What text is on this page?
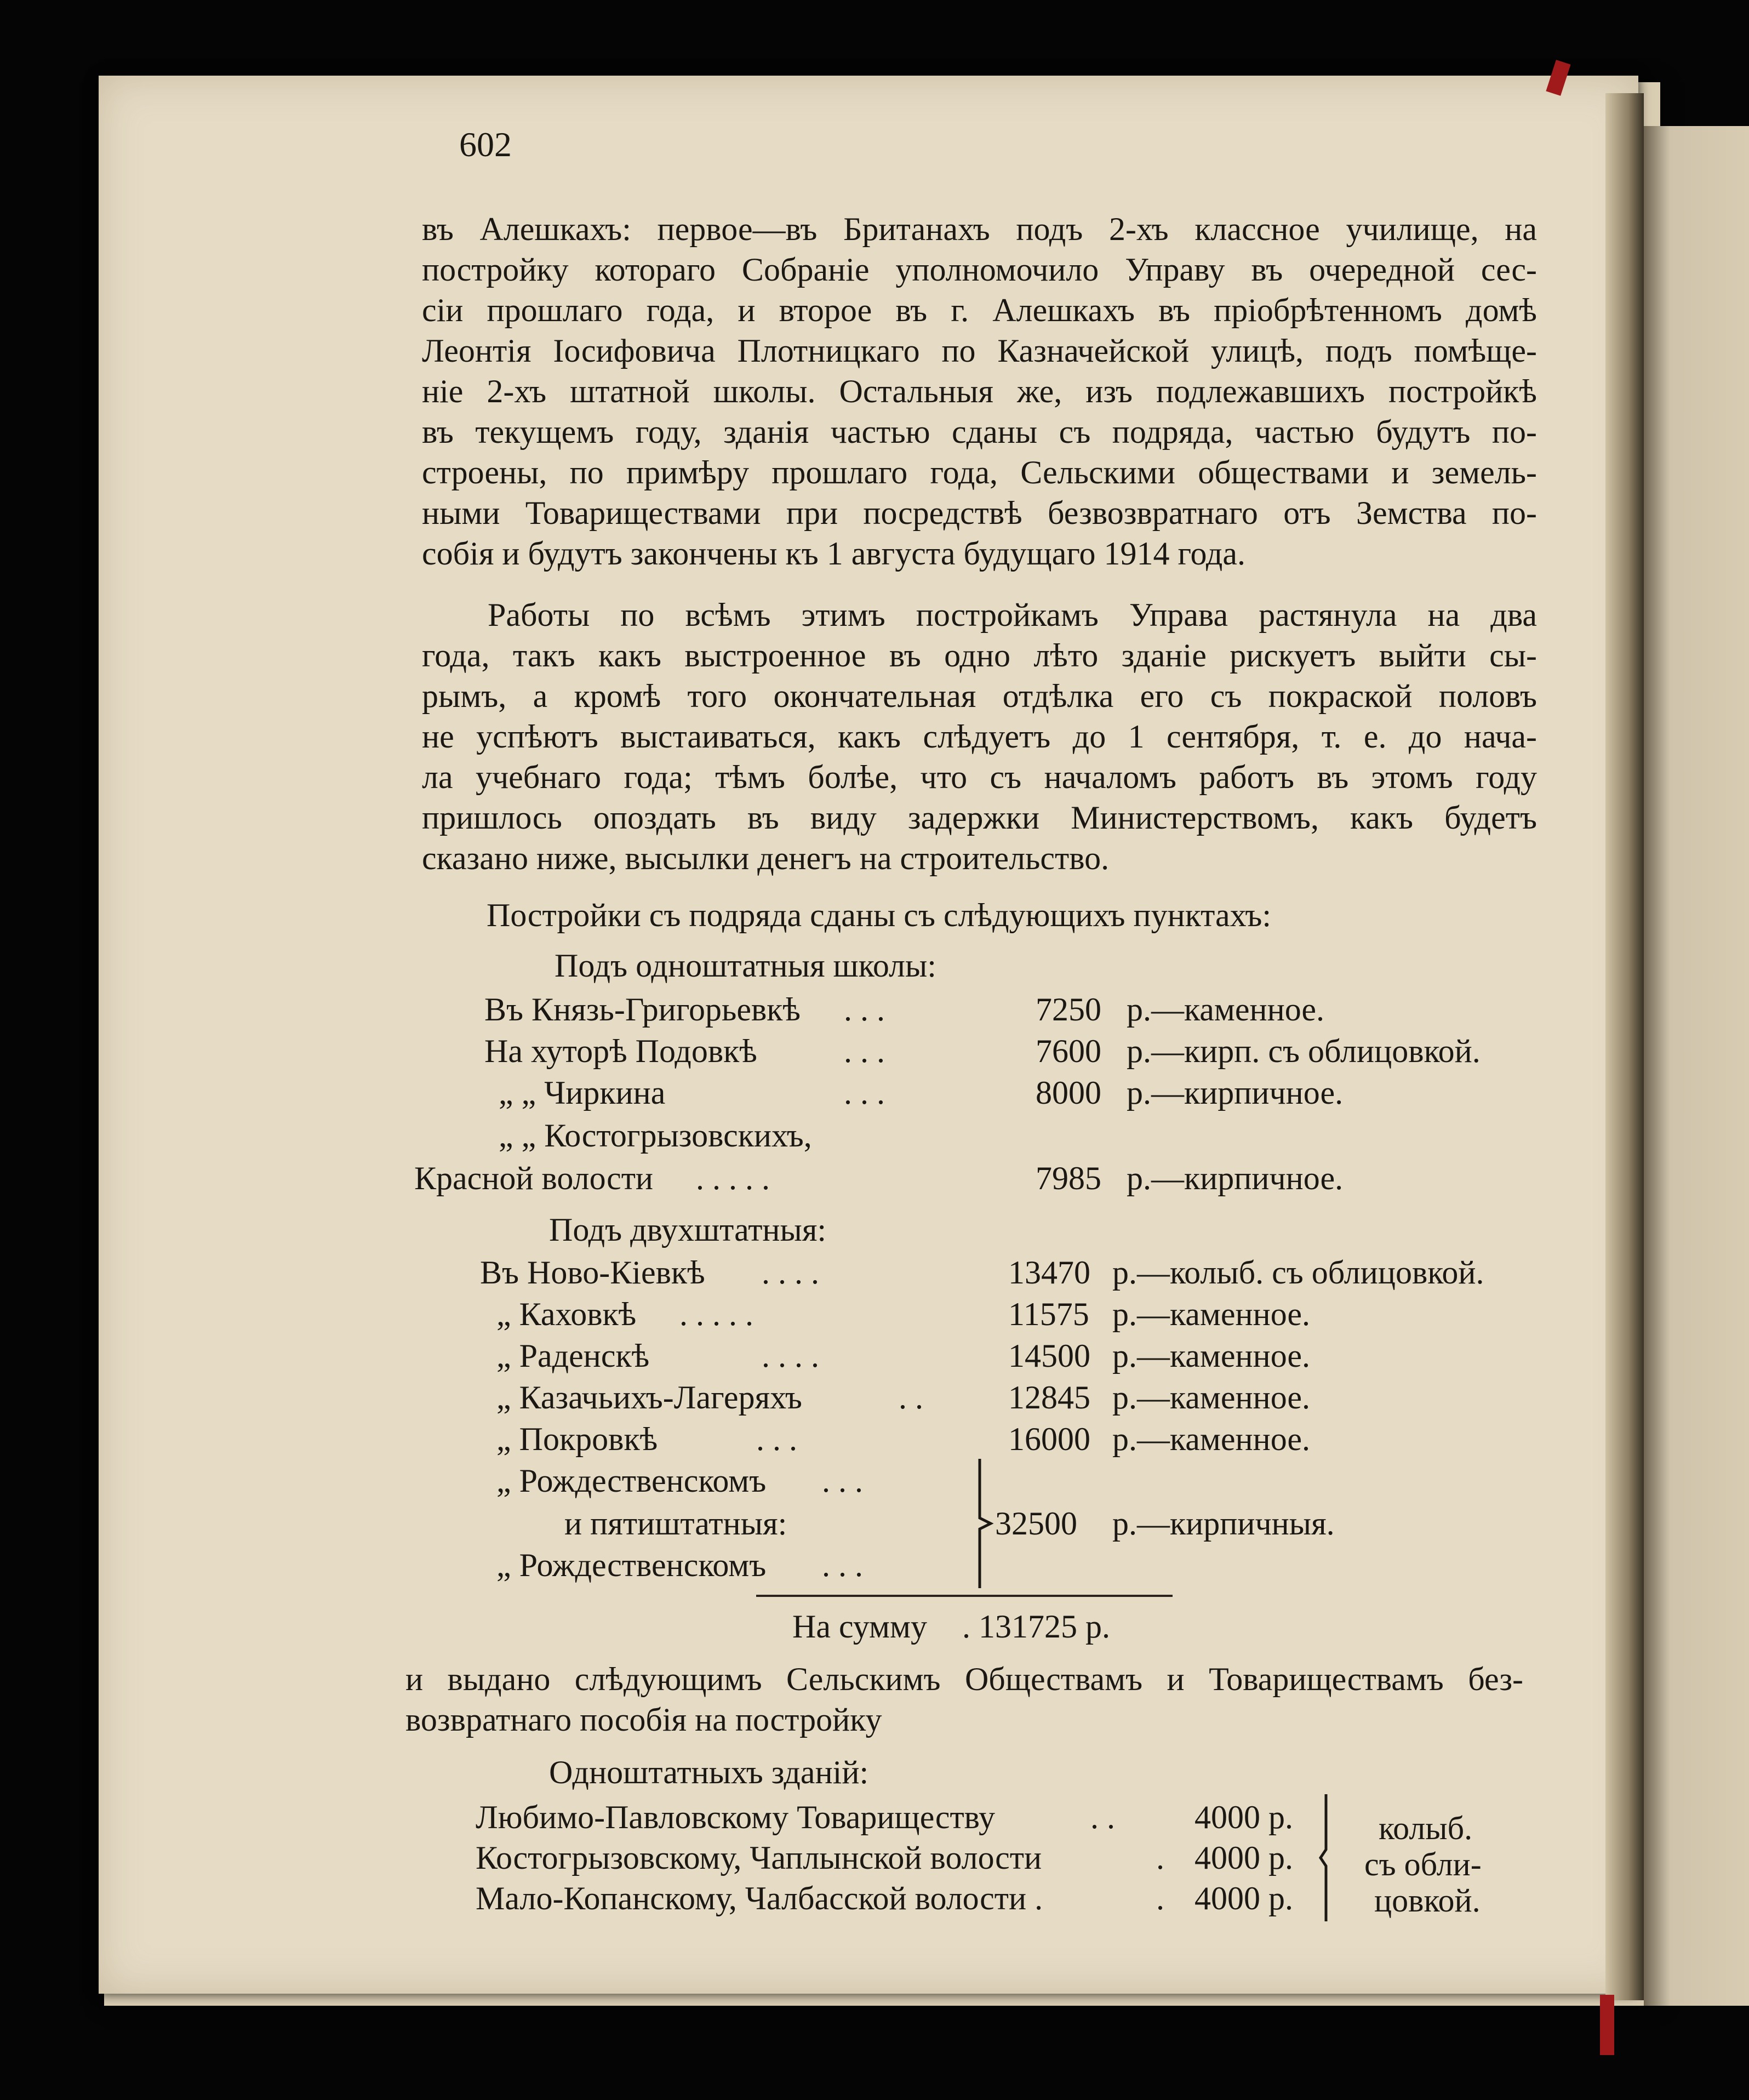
602
въ Алешкахъ: первое—въ Британахъ подъ 2-хъ классное училище, на
постройку котораго Собраніе уполномочило Управу въ очередной сес-
сіи прошлаго года, и второе въ г. Алешкахъ въ пріобрѣтенномъ домѣ
Леонтія Іосифовича Плотницкаго по Казначейской улицѣ, подъ помѣще-
ніе 2-хъ штатной школы. Остальныя же, изъ подлежавшихъ постройкѣ
въ текущемъ году, зданія частью сданы съ подряда, частью будутъ по-
строены, по примѣру прошлаго года, Сельскими обществами и земель-
ными Товариществами при посредствѣ безвозвратнаго отъ Земства по-
собія и будутъ закончены къ 1 августа будущаго 1914 года.
Работы по всѣмъ этимъ постройкамъ Управа растянула на два
года, такъ какъ выстроенное въ одно лѣто зданіе рискуетъ выйти сы-
рымъ, а кромѣ того окончательная отдѣлка его съ покраской половъ
не успѣютъ выстаиваться, какъ слѣдуетъ до 1 сентября, т. е. до нача-
ла учебнаго года; тѣмъ болѣе, что съ началомъ работъ въ этомъ году
пришлось опоздать въ виду задержки Министерствомъ, какъ будетъ
сказано ниже, высылки денегъ на строительство.
Постройки съ подряда сданы съ слѣдующихъ пунктахъ:
Подъ одноштатныя школы:
Въ Князь-Григорьевкѣ . . .	7250 р.—каменное.
На хуторѣ Подовкѣ	. . .	7600 р.—кирп. съ облицовкой.
„ „ Чиркина	. . .	8000 р.—кирпичное.
„ „ Костогрызовскихъ,
Красной волости . . . . .	7985 р.—кирпичное.
Подъ двухштатныя:
Въ Ново-Кіевкѣ . . . .	13470 р.—колыб. съ облицовкой.
„ Каховкѣ . . . . .	11575 р.—каменное.
„ Раденскѣ	. . . .	14500 р.—каменное.
„ Казачьихъ-Лагеряхъ	. .	12845 р.—каменное.
„ Покровкѣ	. . .	16000 р.—каменное.
„ Рождественскомъ . . .
и пятиштатныя:	32500 р.—кирпичныя.
„ Рождественскомъ . . .
На сумму . 131725 р.
и выдано слѣдующимъ Сельскимъ Обществамъ и Товариществамъ без-
возвратнаго пособія на постройку
Одноштатныхъ зданій:
Любимо-Павловскому Товариществу	. . 4000 р.
Костогрызовскому, Чаплынской волости	. 4000 р.
Мало-Копанскому, Чалбасской волости .	. 4000 р.
колыб.
съ обли-
цовкой.
